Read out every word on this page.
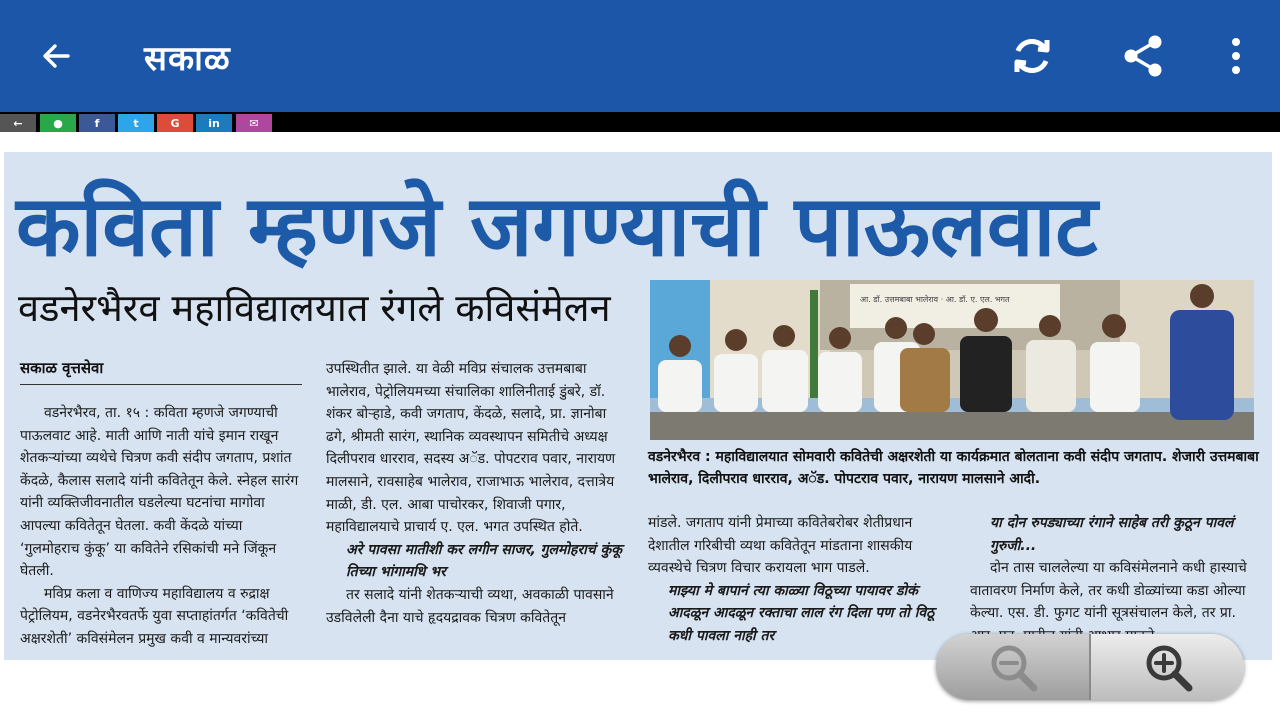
सकाळ
←	●	f	t	G	in	✉
कविता म्हणजे जगण्याची पाऊलवाट
वडनेरभैरव महाविद्यालयात रंगले कविसंमेलन
सकाळ वृत्तसेवा

वडनेरभैरव, ता. १५ : कविता म्हणजे जगण्याची पाऊलवाट आहे. माती आणि नाती यांचे इमान राखून शेतकऱ्यांच्या व्यथेचे चित्रण कवी संदीप जगताप, प्रशांत केंदळे, कैलास सलादे यांनी कवितेतून केले. स्नेहल सारंग यांनी व्यक्तिजीवनातील घडलेल्या घटनांचा मागोवा आपल्या कवितेतून घेतला. कवी केंदळे यांच्या ‘गुलमोहराच कुंकू’ या कवितेने रसिकांची मने जिंकून घेतली.

मविप्र कला व वाणिज्य महाविद्यालय व रुद्राक्ष पेट्रोलियम, वडनेरभैरवतर्फे युवा सप्ताहांतर्गत ‘कवितेची अक्षरशेती’ कविसंमेलन प्रमुख कवी व मान्यवरांच्या

उपस्थितीत झाले. या वेळी मविप्र संचालक उत्तमबाबा भालेराव, पेट्रोलियमच्या संचालिका शालिनीताई डुंबरे, डॉ. शंकर बोऱ्हाडे, कवी जगताप, केंदळे, सलादे, प्रा. ज्ञानोबा ढगे, श्रीमती सारंग, स्थानिक व्यवस्थापन समितीचे अध्यक्ष दिलीपराव धारराव, सदस्य अॅड. पोपटराव पवार, नारायण मालसाने, रावसाहेब भालेराव, राजाभाऊ भालेराव, दत्तात्रेय माळी, डी. एल. आबा पाचोरकर, शिवाजी पगार, महाविद्यालयाचे प्राचार्य ए. एल. भगत उपस्थित होते.

अरे पावसा मातीशी कर लगीन साजर, गुलमोहराचं कुंकू तिच्या भांगामधि भर

तर सलादे यांनी शेतकऱ्याची व्यथा, अवकाळी पावसाने उडविलेली दैना याचे हृदयद्रावक चित्रण कवितेतून

आ. डॉ. उत्तमबाबा भालेराव · आ. डॉ. ए. एल. भगत
वडनेरभैरव : महाविद्यालयात सोमवारी कवितेची अक्षरशेती या कार्यक्रमात बोलताना कवी संदीप जगताप. शेजारी उत्तमबाबा भालेराव, दिलीपराव धारराव, अॅड. पोपटराव पवार, नारायण मालसाने आदी.

मांडले. जगताप यांनी प्रेमाच्या कवितेबरोबर शेतीप्रधान देशातील गरिबीची व्यथा कवितेतून मांडताना शासकीय व्यवस्थेचे चित्रण विचार करायला भाग पाडले.

माझ्या मे बापानं त्या काळ्या विठूच्या पायावर डोकं आदळून आदळून रक्ताचा लाल रंग दिला पण तो विठू कधी पावला नाही तर

या दोन रुपड्याच्या रंगाने साहेब तरी कुठून पावलं गुरुजी...

दोन तास चाललेल्या या कविसंमेलनाने कधी हास्याचे वातावरण निर्माण केले, तर कधी डोळ्यांच्या कडा ओल्या केल्या. एस. डी. फुगट यांनी सूत्रसंचालन केले, तर प्रा.
